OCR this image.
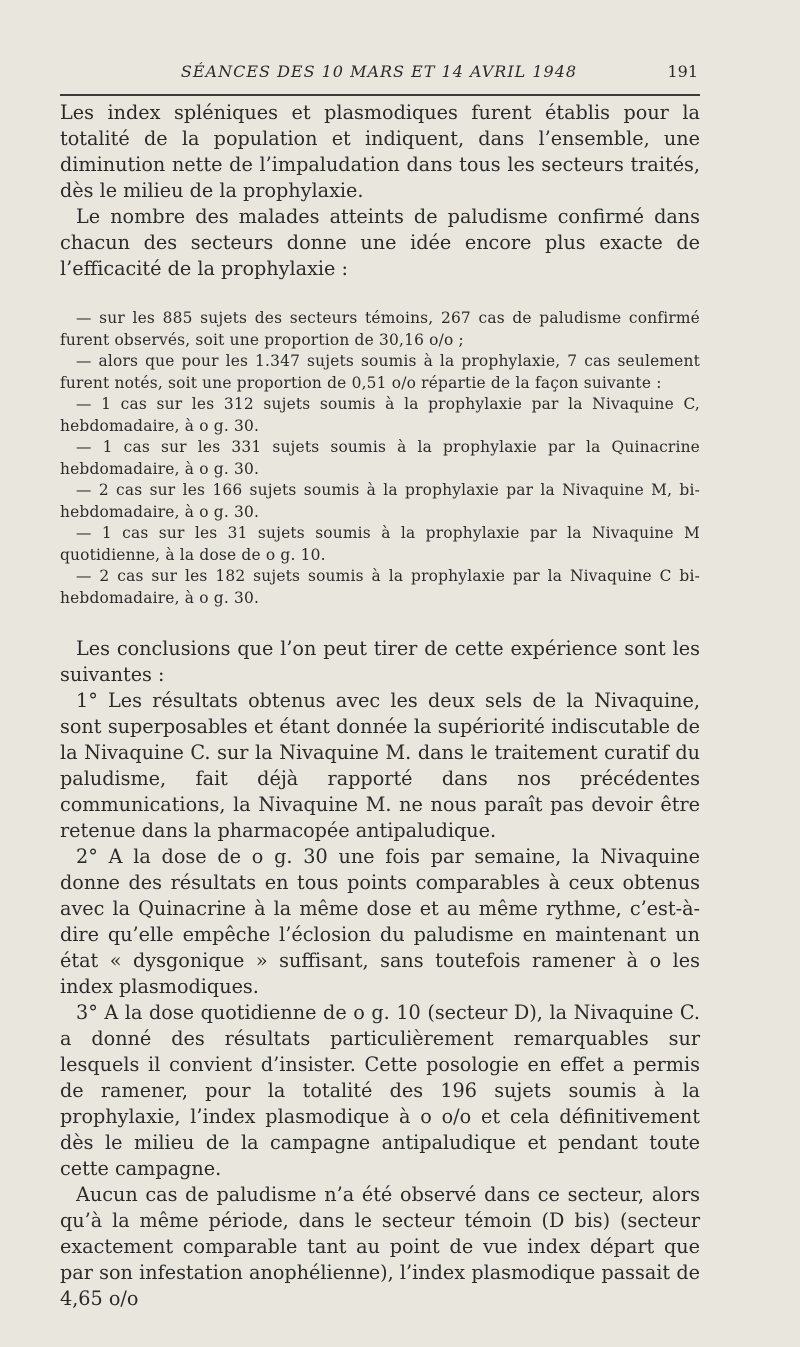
SÉANCES DES 10 MARS ET 14 AVRIL 1948	191

Les index spléniques et plasmodiques furent établis pour la totalité de la population et indiquent, dans l’ensemble, une diminution nette de l’impaludation dans tous les secteurs traités, dès le milieu de la prophylaxie.

Le nombre des malades atteints de paludisme confirmé dans chacun des secteurs donne une idée encore plus exacte de l’efficacité de la prophylaxie :

— sur les 885 sujets des secteurs témoins, 267 cas de paludisme confirmé furent observés, soit une proportion de 30,16 o/o ;

— alors que pour les 1.347 sujets soumis à la prophylaxie, 7 cas seulement furent notés, soit une proportion de 0,51 o/o répartie de la façon suivante :

— 1 cas sur les 312 sujets soumis à la prophylaxie par la Nivaquine C, hebdomadaire, à o g. 30.

— 1 cas sur les 331 sujets soumis à la prophylaxie par la Quinacrine hebdomadaire, à o g. 30.

— 2 cas sur les 166 sujets soumis à la prophylaxie par la Nivaquine M, bi-hebdomadaire, à o g. 30.

— 1 cas sur les 31 sujets soumis à la prophylaxie par la Nivaquine M quotidienne, à la dose de o g. 10.

— 2 cas sur les 182 sujets soumis à la prophylaxie par la Nivaquine C bi-hebdomadaire, à o g. 30.

Les conclusions que l’on peut tirer de cette expérience sont les suivantes :

1° Les résultats obtenus avec les deux sels de la Nivaquine, sont superposables et étant donnée la supériorité indiscutable de la Nivaquine C. sur la Nivaquine M. dans le traitement curatif du paludisme, fait déjà rapporté dans nos précédentes communications, la Nivaquine M. ne nous paraît pas devoir être retenue dans la pharmacopée antipaludique.

2° A la dose de o g. 30 une fois par semaine, la Nivaquine donne des résultats en tous points comparables à ceux obtenus avec la Quinacrine à la même dose et au même rythme, c’est-à-dire qu’elle empêche l’éclosion du paludisme en maintenant un état « dysgonique » suffisant, sans toutefois ramener à o les index plasmodiques.

3° A la dose quotidienne de o g. 10 (secteur D), la Nivaquine C. a donné des résultats particulièrement remarquables sur lesquels il convient d’insister. Cette posologie en effet a permis de ramener, pour la totalité des 196 sujets soumis à la prophylaxie, l’index plasmodique à o o/o et cela définitivement dès le milieu de la campagne antipaludique et pendant toute cette campagne.

Aucun cas de paludisme n’a été observé dans ce secteur, alors qu’à la même période, dans le secteur témoin (D bis) (secteur exactement comparable tant au point de vue index départ que par son infestation anophélienne), l’index plasmodique passait de 4,65 o/o
